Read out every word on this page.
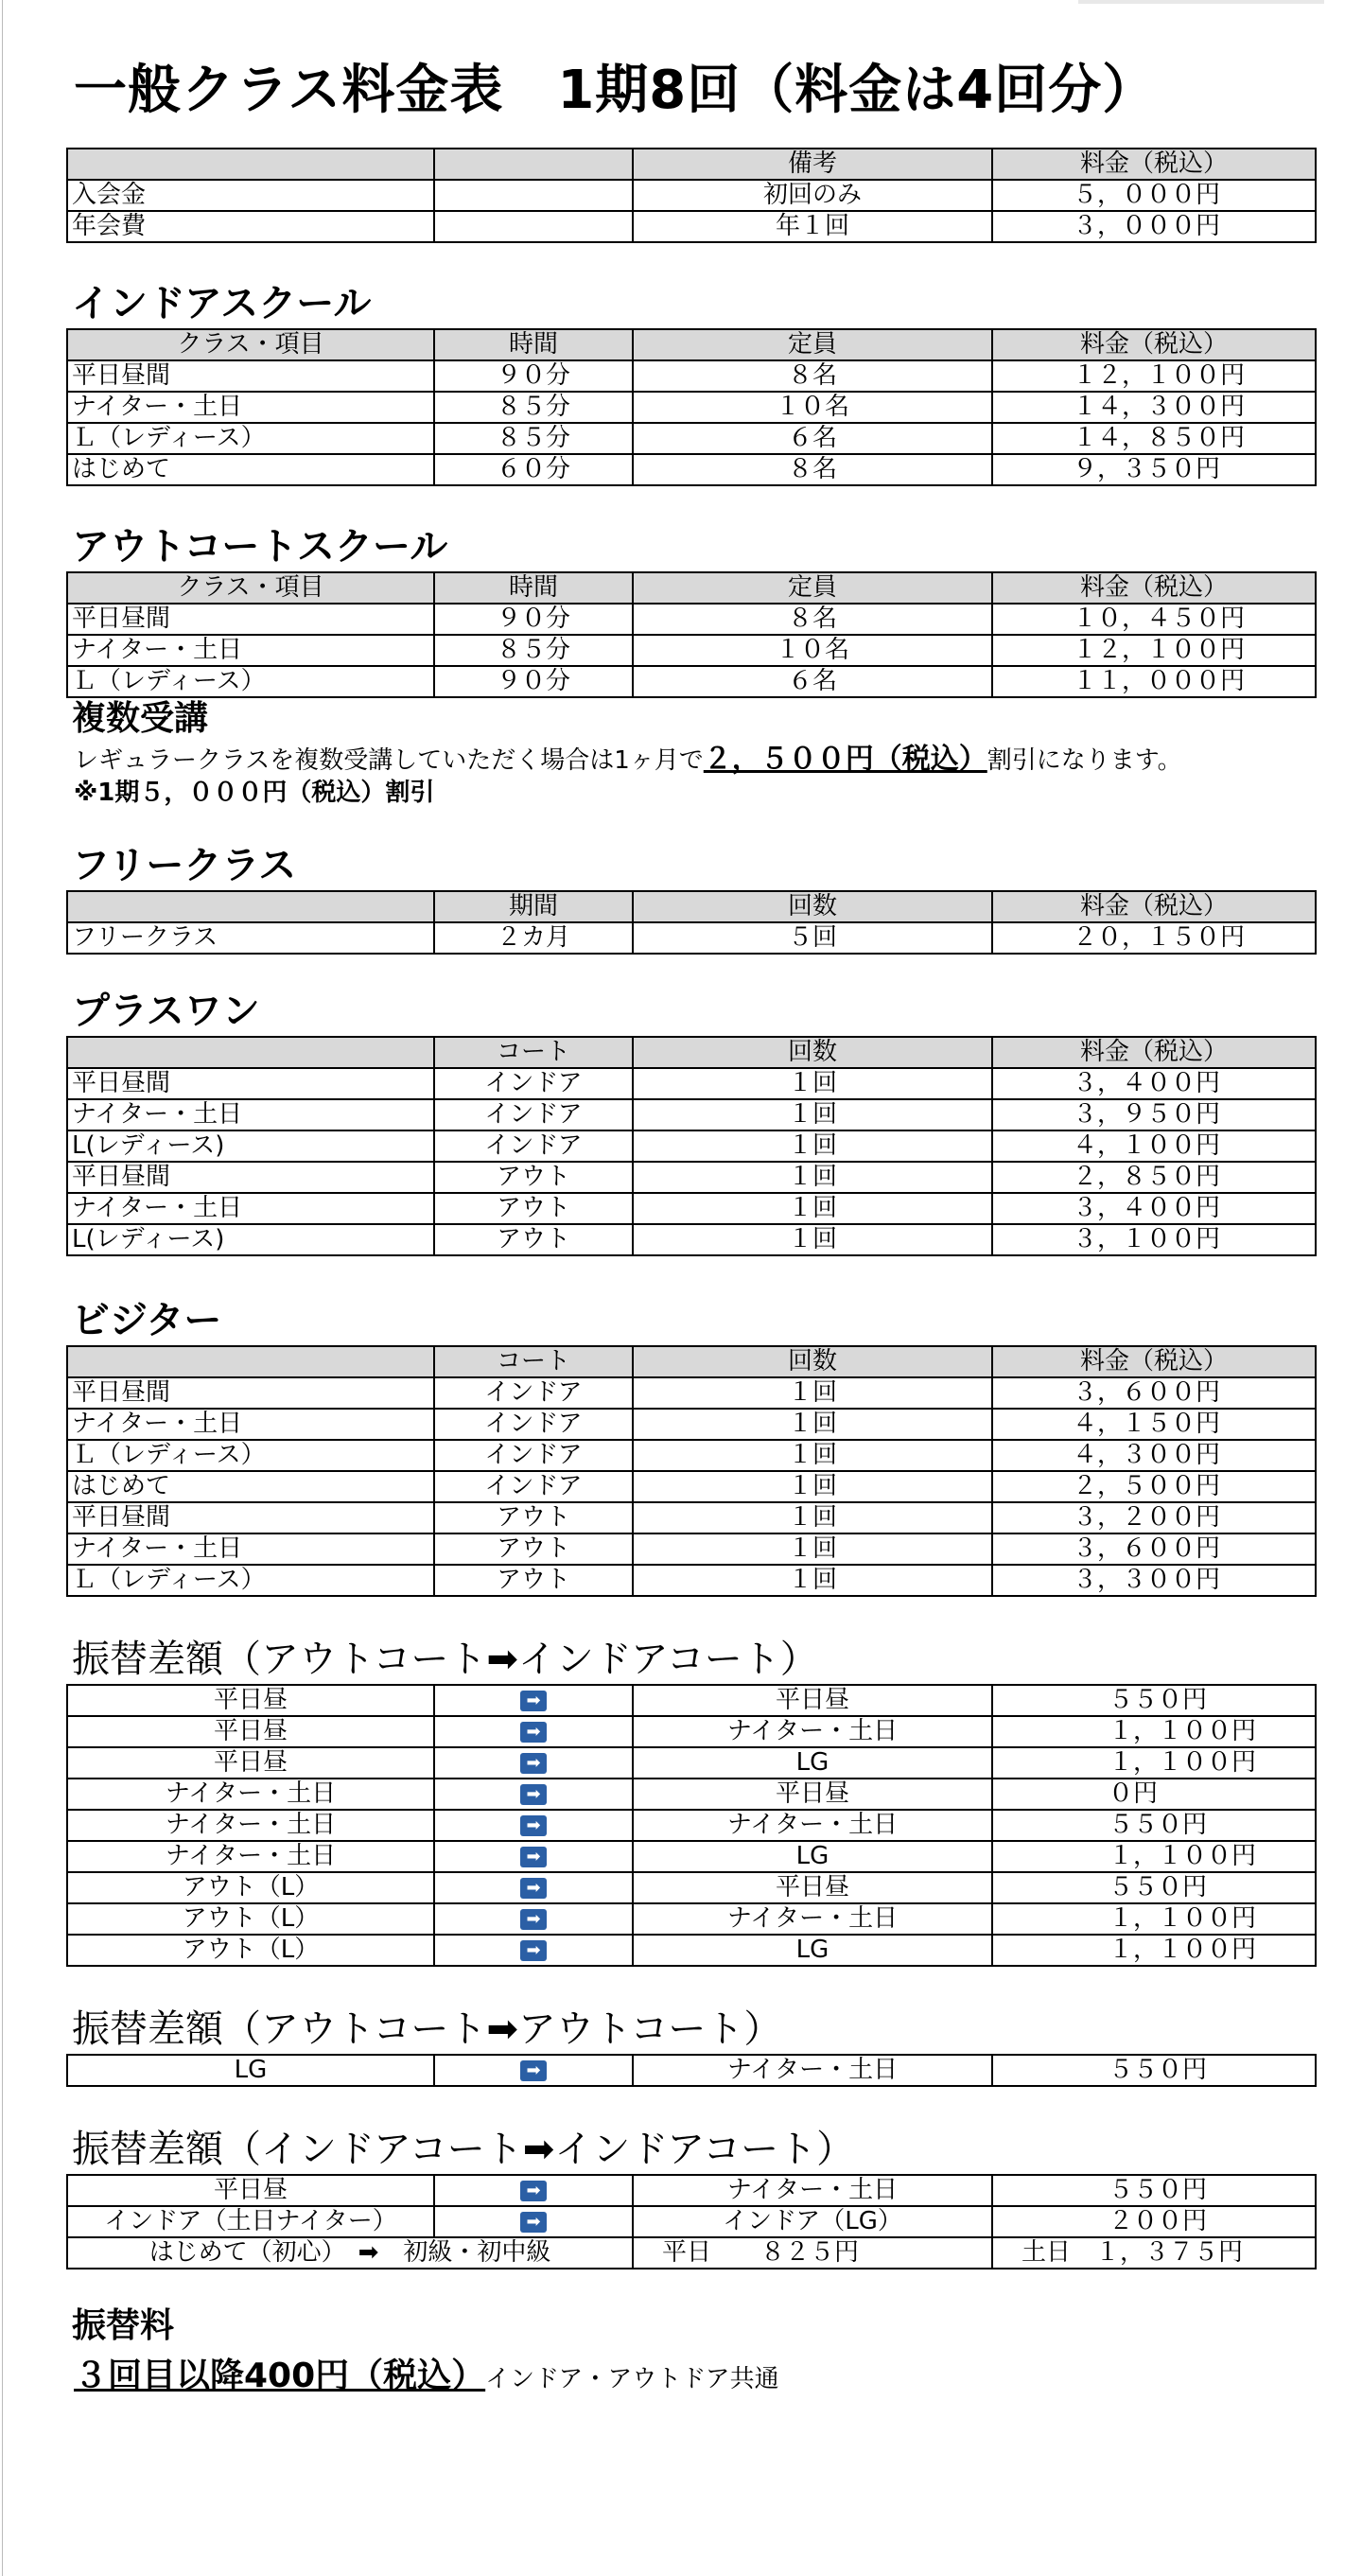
一般クラス料金表　1期8回（料金は4回分）
		備考	料金（税込）
入会金		初回のみ	５，０００円
年会費		年１回	３，０００円
インドアスクール
クラス・項目	時間	定員	料金（税込）
平日昼間	９０分	８名	１２，１００円
ナイター・土日	８５分	１０名	１４，３００円
Ｌ（レディース）	８５分	６名	１４，８５０円
はじめて	６０分	８名	９，３５０円
アウトコートスクール
クラス・項目	時間	定員	料金（税込）
平日昼間	９０分	８名	１０，４５０円
ナイター・土日	８５分	１０名	１２，１００円
Ｌ（レディース）	９０分	６名	１１，０００円
複数受講
レギュラークラスを複数受講していただく場合は1ヶ月で２，５００円（税込）割引になります。
※1期５，０００円（税込）割引
フリークラス
	期間	回数	料金（税込）
フリークラス	２カ月	５回	２０，１５０円
プラスワン
	コート	回数	料金（税込）
平日昼間	インドア	１回	３，４００円
ナイター・土日	インドア	１回	３，９５０円
L(レディース)	インドア	１回	４，１００円
平日昼間	アウト	１回	２，８５０円
ナイター・土日	アウト	１回	３，４００円
L(レディース)	アウト	１回	３，１００円
ビジター
	コート	回数	料金（税込）
平日昼間	インドア	１回	３，６００円
ナイター・土日	インドア	１回	４，１５０円
Ｌ（レディース）	インドア	１回	４，３００円
はじめて	インドア	１回	２，５００円
平日昼間	アウト	１回	３，２００円
ナイター・土日	アウト	１回	３，６００円
Ｌ（レディース）	アウト	１回	３，３００円
振替差額（アウトコート➡インドアコート）
平日昼	➡	平日昼	５５０円
平日昼	➡	ナイター・土日	１，１００円
平日昼	➡	LG	１，１００円
ナイター・土日	➡	平日昼	０円
ナイター・土日	➡	ナイター・土日	５５０円
ナイター・土日	➡	LG	１，１００円
アウト（L）	➡	平日昼	５５０円
アウト（L）	➡	ナイター・土日	１，１００円
アウト（L）	➡	LG	１，１００円
振替差額（アウトコート➡アウトコート）
LG	➡	ナイター・土日	５５０円
振替差額（インドアコート➡インドアコート）
平日昼	➡	ナイター・土日	５５０円
インドア（土日ナイター）	➡	インドア（LG）	２００円
はじめて（初心）　➡　初級・初中級		平日　　８２５円	土日　１，３７５円
振替料
３回目以降400円（税込）インドア・アウトドア共通
